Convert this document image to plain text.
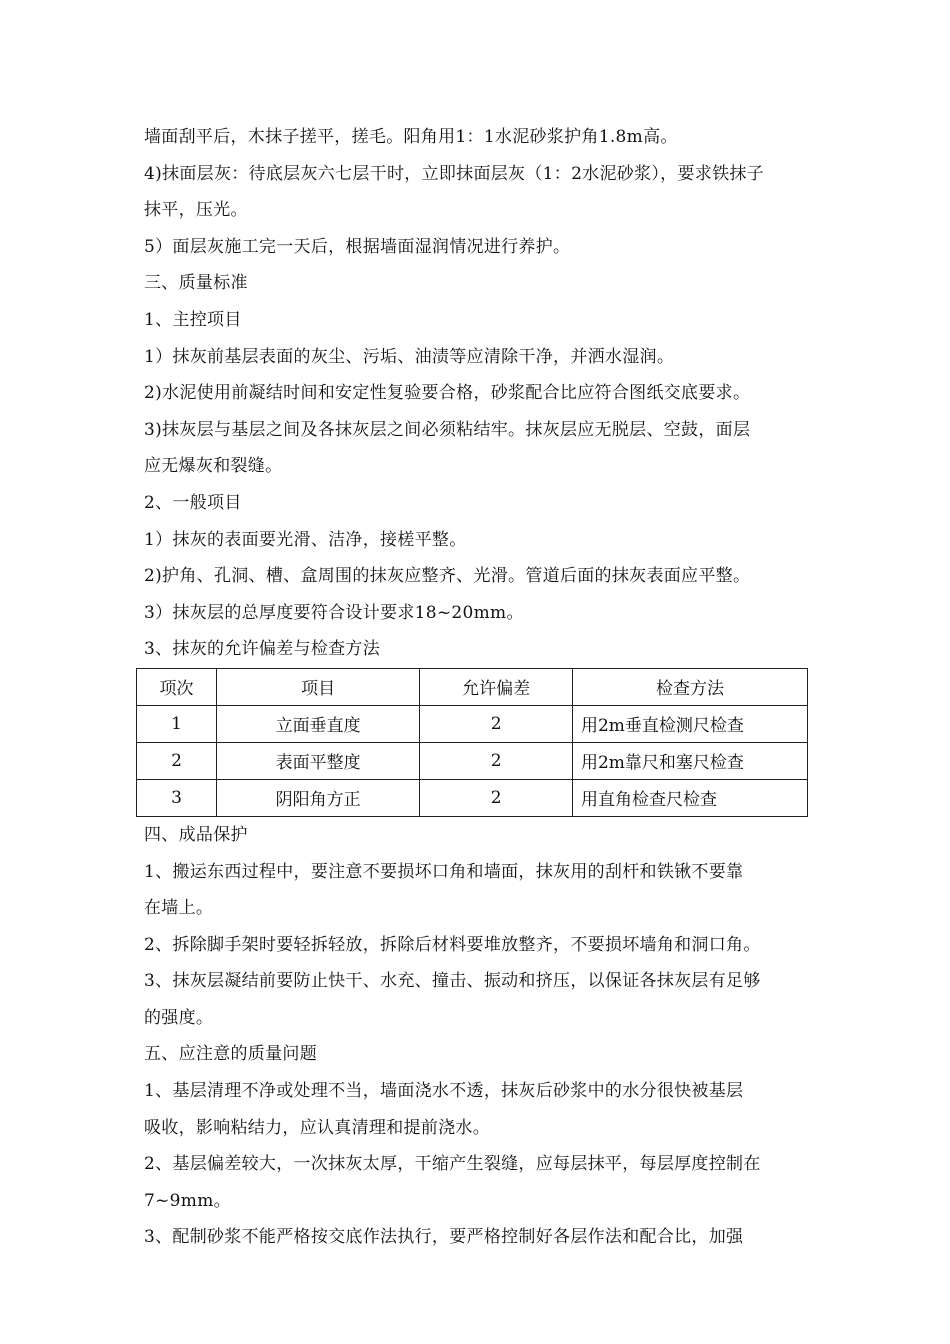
墙面刮平后，木抹子搓平，搓毛。阳角用1：1水泥砂浆护角1.8m高。
4)抹面层灰：待底层灰六七层干时，立即抹面层灰（1：2水泥砂浆），要求铁抹子
抹平，压光。
5）面层灰施工完一天后，根据墙面湿润情况进行养护。
三、质量标准
1、主控项目
1）抹灰前基层表面的灰尘、污垢、油渍等应清除干净，并洒水湿润。
2)水泥使用前凝结时间和安定性复验要合格，砂浆配合比应符合图纸交底要求。
3)抹灰层与基层之间及各抹灰层之间必须粘结牢。抹灰层应无脱层、空鼓，面层
应无爆灰和裂缝。
2、一般项目
1）抹灰的表面要光滑、洁净，接槎平整。
2)护角、孔洞、槽、盒周围的抹灰应整齐、光滑。管道后面的抹灰表面应平整。
3）抹灰层的总厚度要符合设计要求18~20mm。
3、抹灰的允许偏差与检查方法
项次	项目	允许偏差	检查方法
1	立面垂直度	2	用2m垂直检测尺检查
2	表面平整度	2	用2m靠尺和塞尺检查
3	阴阳角方正	2	用直角检查尺检查
四、成品保护
1、搬运东西过程中，要注意不要损坏口角和墙面，抹灰用的刮杆和铁锹不要靠
在墙上。
2、拆除脚手架时要轻拆轻放，拆除后材料要堆放整齐，不要损坏墙角和洞口角。
3、抹灰层凝结前要防止快干、水充、撞击、振动和挤压，以保证各抹灰层有足够
的强度。
五、应注意的质量问题
1、基层清理不净或处理不当，墙面浇水不透，抹灰后砂浆中的水分很快被基层
吸收，影响粘结力，应认真清理和提前浇水。
2、基层偏差较大，一次抹灰太厚，干缩产生裂缝，应每层抹平，每层厚度控制在
7~9mm。
3、配制砂浆不能严格按交底作法执行，要严格控制好各层作法和配合比，加强
